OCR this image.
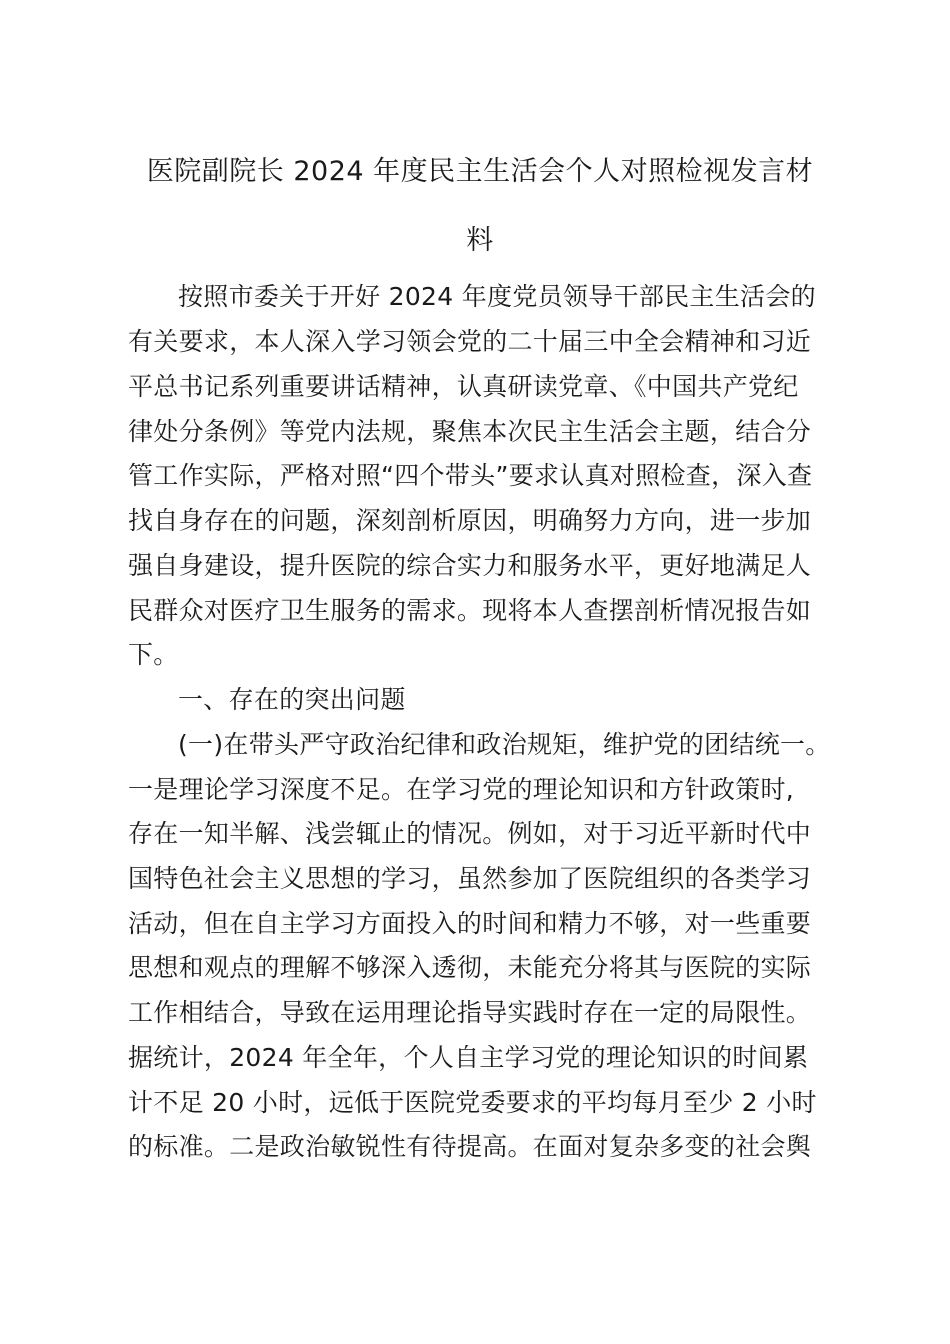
医院副院长 2024 年度民主生活会个人对照检视发言材
料
按照市委关于开好 2024 年度党员领导干部民主生活会的
有关要求，本人深入学习领会党的二十届三中全会精神和习近
平总书记系列重要讲话精神，认真研读党章、《中国共产党纪
律处分条例》等党内法规，聚焦本次民主生活会主题，结合分
管工作实际，严格对照“四个带头”要求认真对照检查，深入查
找自身存在的问题，深刻剖析原因，明确努力方向，进一步加
强自身建设，提升医院的综合实力和服务水平，更好地满足人
民群众对医疗卫生服务的需求。现将本人查摆剖析情况报告如
下。
一、存在的突出问题
(一)在带头严守政治纪律和政治规矩，维护党的团结统一。
一是理论学习深度不足。在学习党的理论知识和方针政策时,
存在一知半解、浅尝辄止的情况。例如，对于习近平新时代中
国特色社会主义思想的学习，虽然参加了医院组织的各类学习
活动，但在自主学习方面投入的时间和精力不够，对一些重要
思想和观点的理解不够深入透彻，未能充分将其与医院的实际
工作相结合，导致在运用理论指导实践时存在一定的局限性。
据统计，2024 年全年，个人自主学习党的理论知识的时间累
计不足 20 小时，远低于医院党委要求的平均每月至少 2 小时
的标准。二是政治敏锐性有待提高。在面对复杂多变的社会舆
